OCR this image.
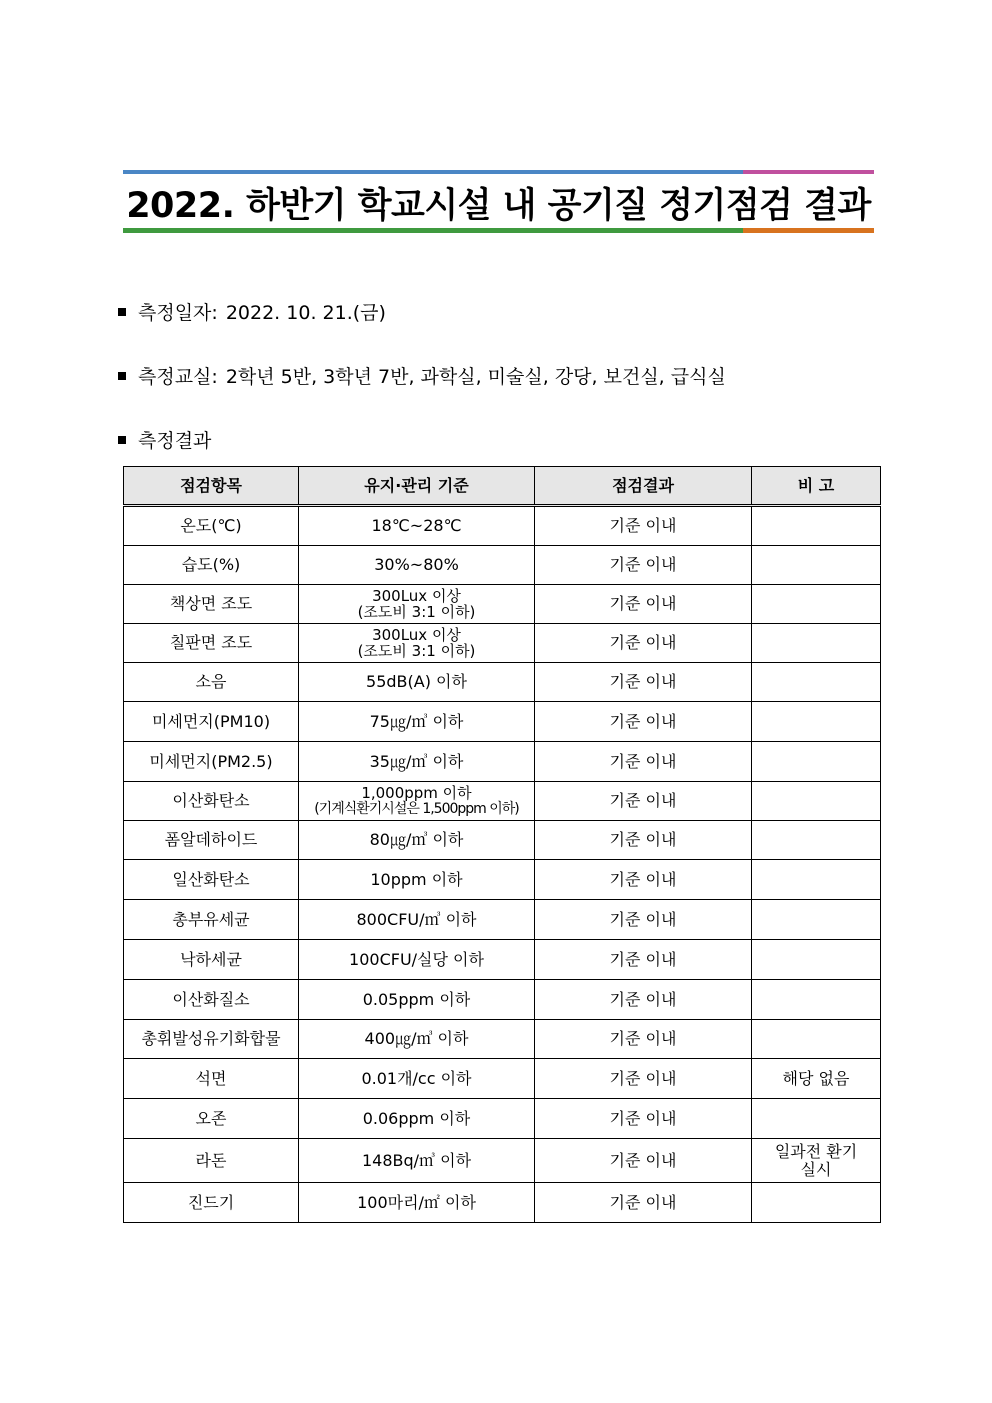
2022. 하반기 학교시설 내 공기질 정기점검 결과
측정일자: 2022. 10. 21.(금)
측정교실: 2학년 5반, 3학년 7반, 과학실, 미술실, 강당, 보건실, 급식실
측정결과
점검항목	유지·관리 기준	점검결과	비 고
온도(℃)	18℃~28℃	기준 이내	

습도(%)	30%~80%	기준 이내	

책상면 조도	300Lux 이상
(조도비 3:1 이하)	기준 이내	

칠판면 조도	300Lux 이상
(조도비 3:1 이하)	기준 이내	

소음	55dB(A) 이하	기준 이내	

미세먼지(PM10)	75㎍/㎥ 이하	기준 이내	

미세먼지(PM2.5)	35㎍/㎥ 이하	기준 이내	

이산화탄소	1,000ppm 이하
(기계식환기시설은 1,500ppm 이하)	기준 이내	

폼알데하이드	80㎍/㎥ 이하	기준 이내	

일산화탄소	10ppm 이하	기준 이내	

총부유세균	800CFU/㎥ 이하	기준 이내	

낙하세균	100CFU/실당 이하	기준 이내	

이산화질소	0.05ppm 이하	기준 이내	

총휘발성유기화합물	400㎍/㎥ 이하	기준 이내	

석면	0.01개/cc 이하	기준 이내	해당 없음

오존	0.06ppm 이하	기준 이내	

라돈	148Bq/㎥ 이하	기준 이내	일과전 환기
실시

진드기	100마리/㎡ 이하	기준 이내	
